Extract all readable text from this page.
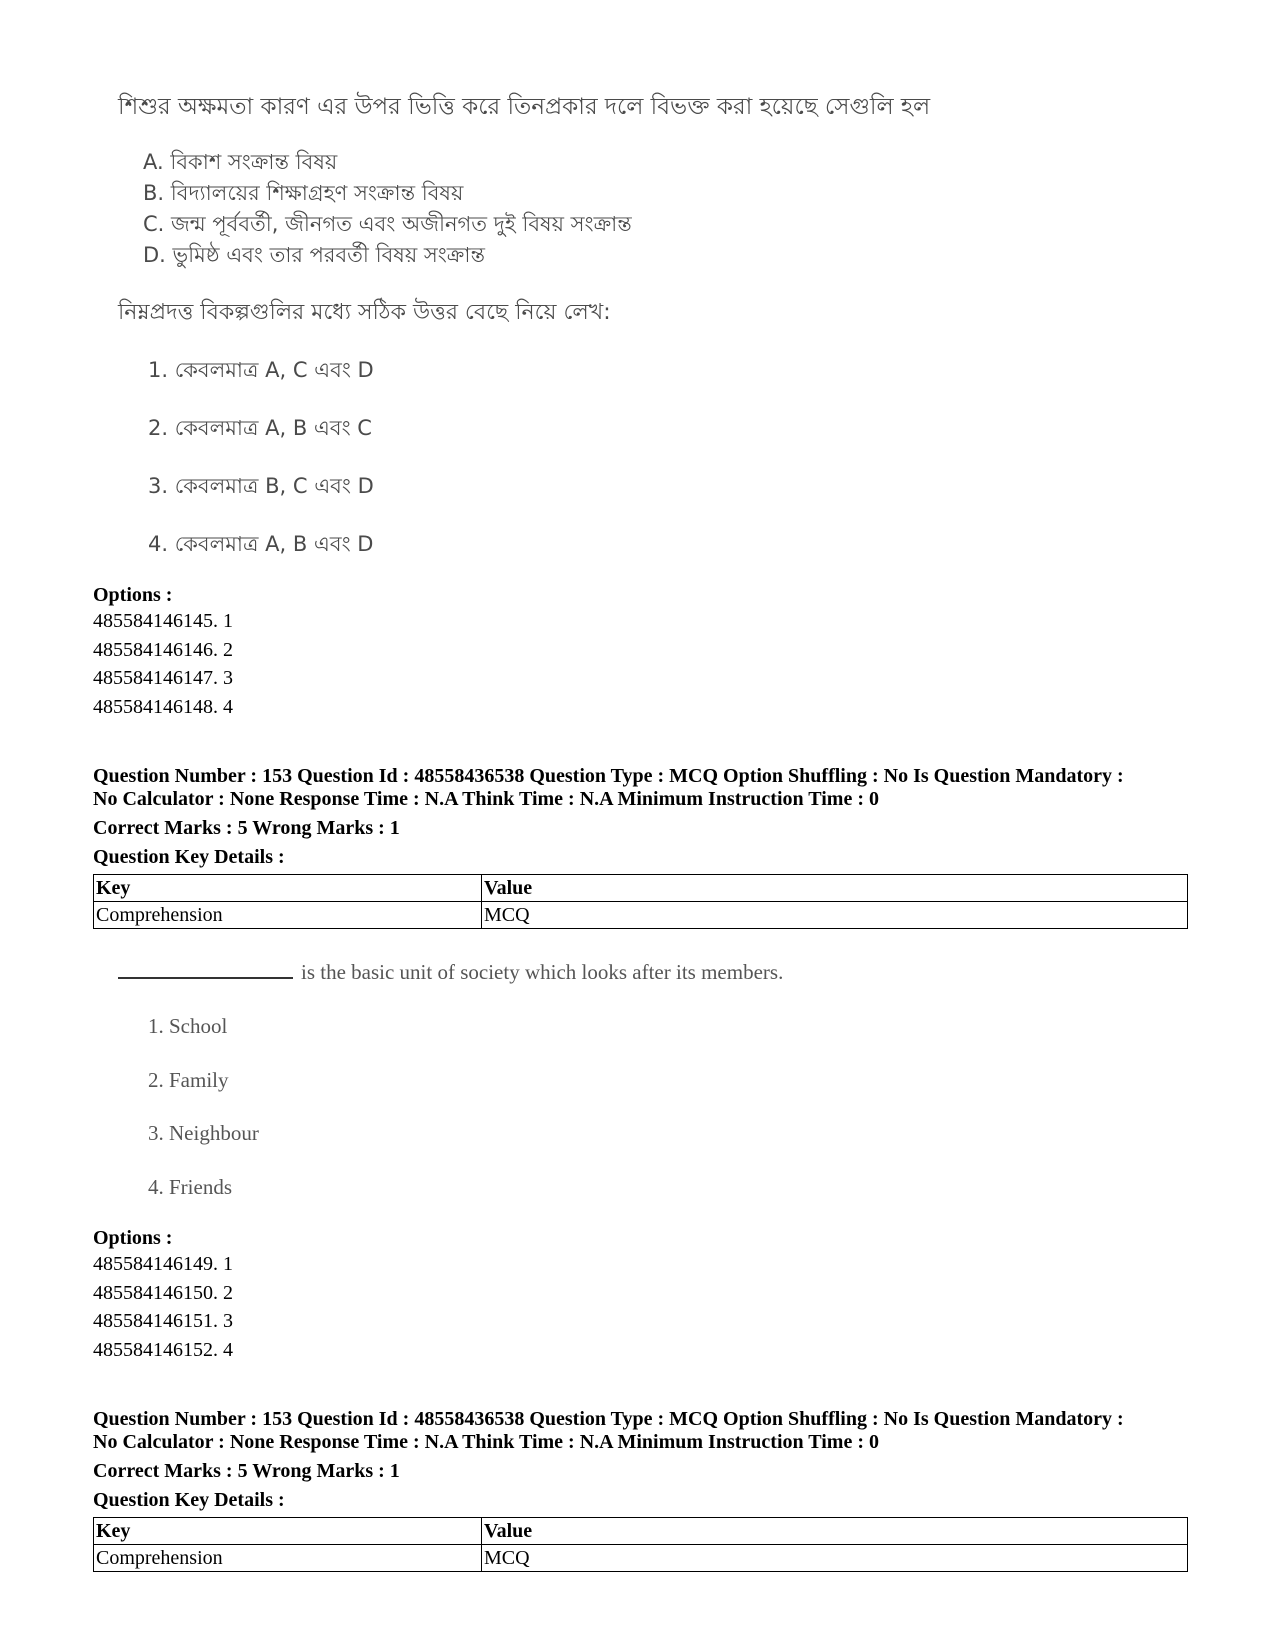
শিশুর অক্ষমতা কারণ এর উপর ভিত্তি করে তিনপ্রকার দলে বিভক্ত করা হয়েছে সেগুলি হল
A. বিকাশ সংক্রান্ত বিষয়
B. বিদ্যালয়ের শিক্ষাগ্রহণ সংক্রান্ত বিষয়
C. জন্ম পূর্ববর্তী, জীনগত এবং অজীনগত দুই বিষয় সংক্রান্ত
D. ভুমিষ্ঠ এবং তার পরবর্তী বিষয় সংক্রান্ত
নিম্নপ্রদত্ত বিকল্পগুলির মধ্যে সঠিক উত্তর বেছে নিয়ে লেখ:
1. কেবলমাত্র A, C এবং D
2. কেবলমাত্র A, B এবং C
3. কেবলমাত্র B, C এবং D
4. কেবলমাত্র A, B এবং D
Options :
485584146145. 1
485584146146. 2
485584146147. 3
485584146148. 4
Question Number : 153 Question Id : 48558436538 Question Type : MCQ Option Shuffling : No Is Question Mandatory :
No Calculator : None Response Time : N.A Think Time : N.A Minimum Instruction Time : 0
Correct Marks : 5 Wrong Marks : 1
Question Key Details :
Key	Value
Comprehension	MCQ
is the basic unit of society which looks after its members.
1. School
2. Family
3. Neighbour
4. Friends
Options :
485584146149. 1
485584146150. 2
485584146151. 3
485584146152. 4
Question Number : 153 Question Id : 48558436538 Question Type : MCQ Option Shuffling : No Is Question Mandatory :
No Calculator : None Response Time : N.A Think Time : N.A Minimum Instruction Time : 0
Correct Marks : 5 Wrong Marks : 1
Question Key Details :
Key	Value
Comprehension	MCQ
